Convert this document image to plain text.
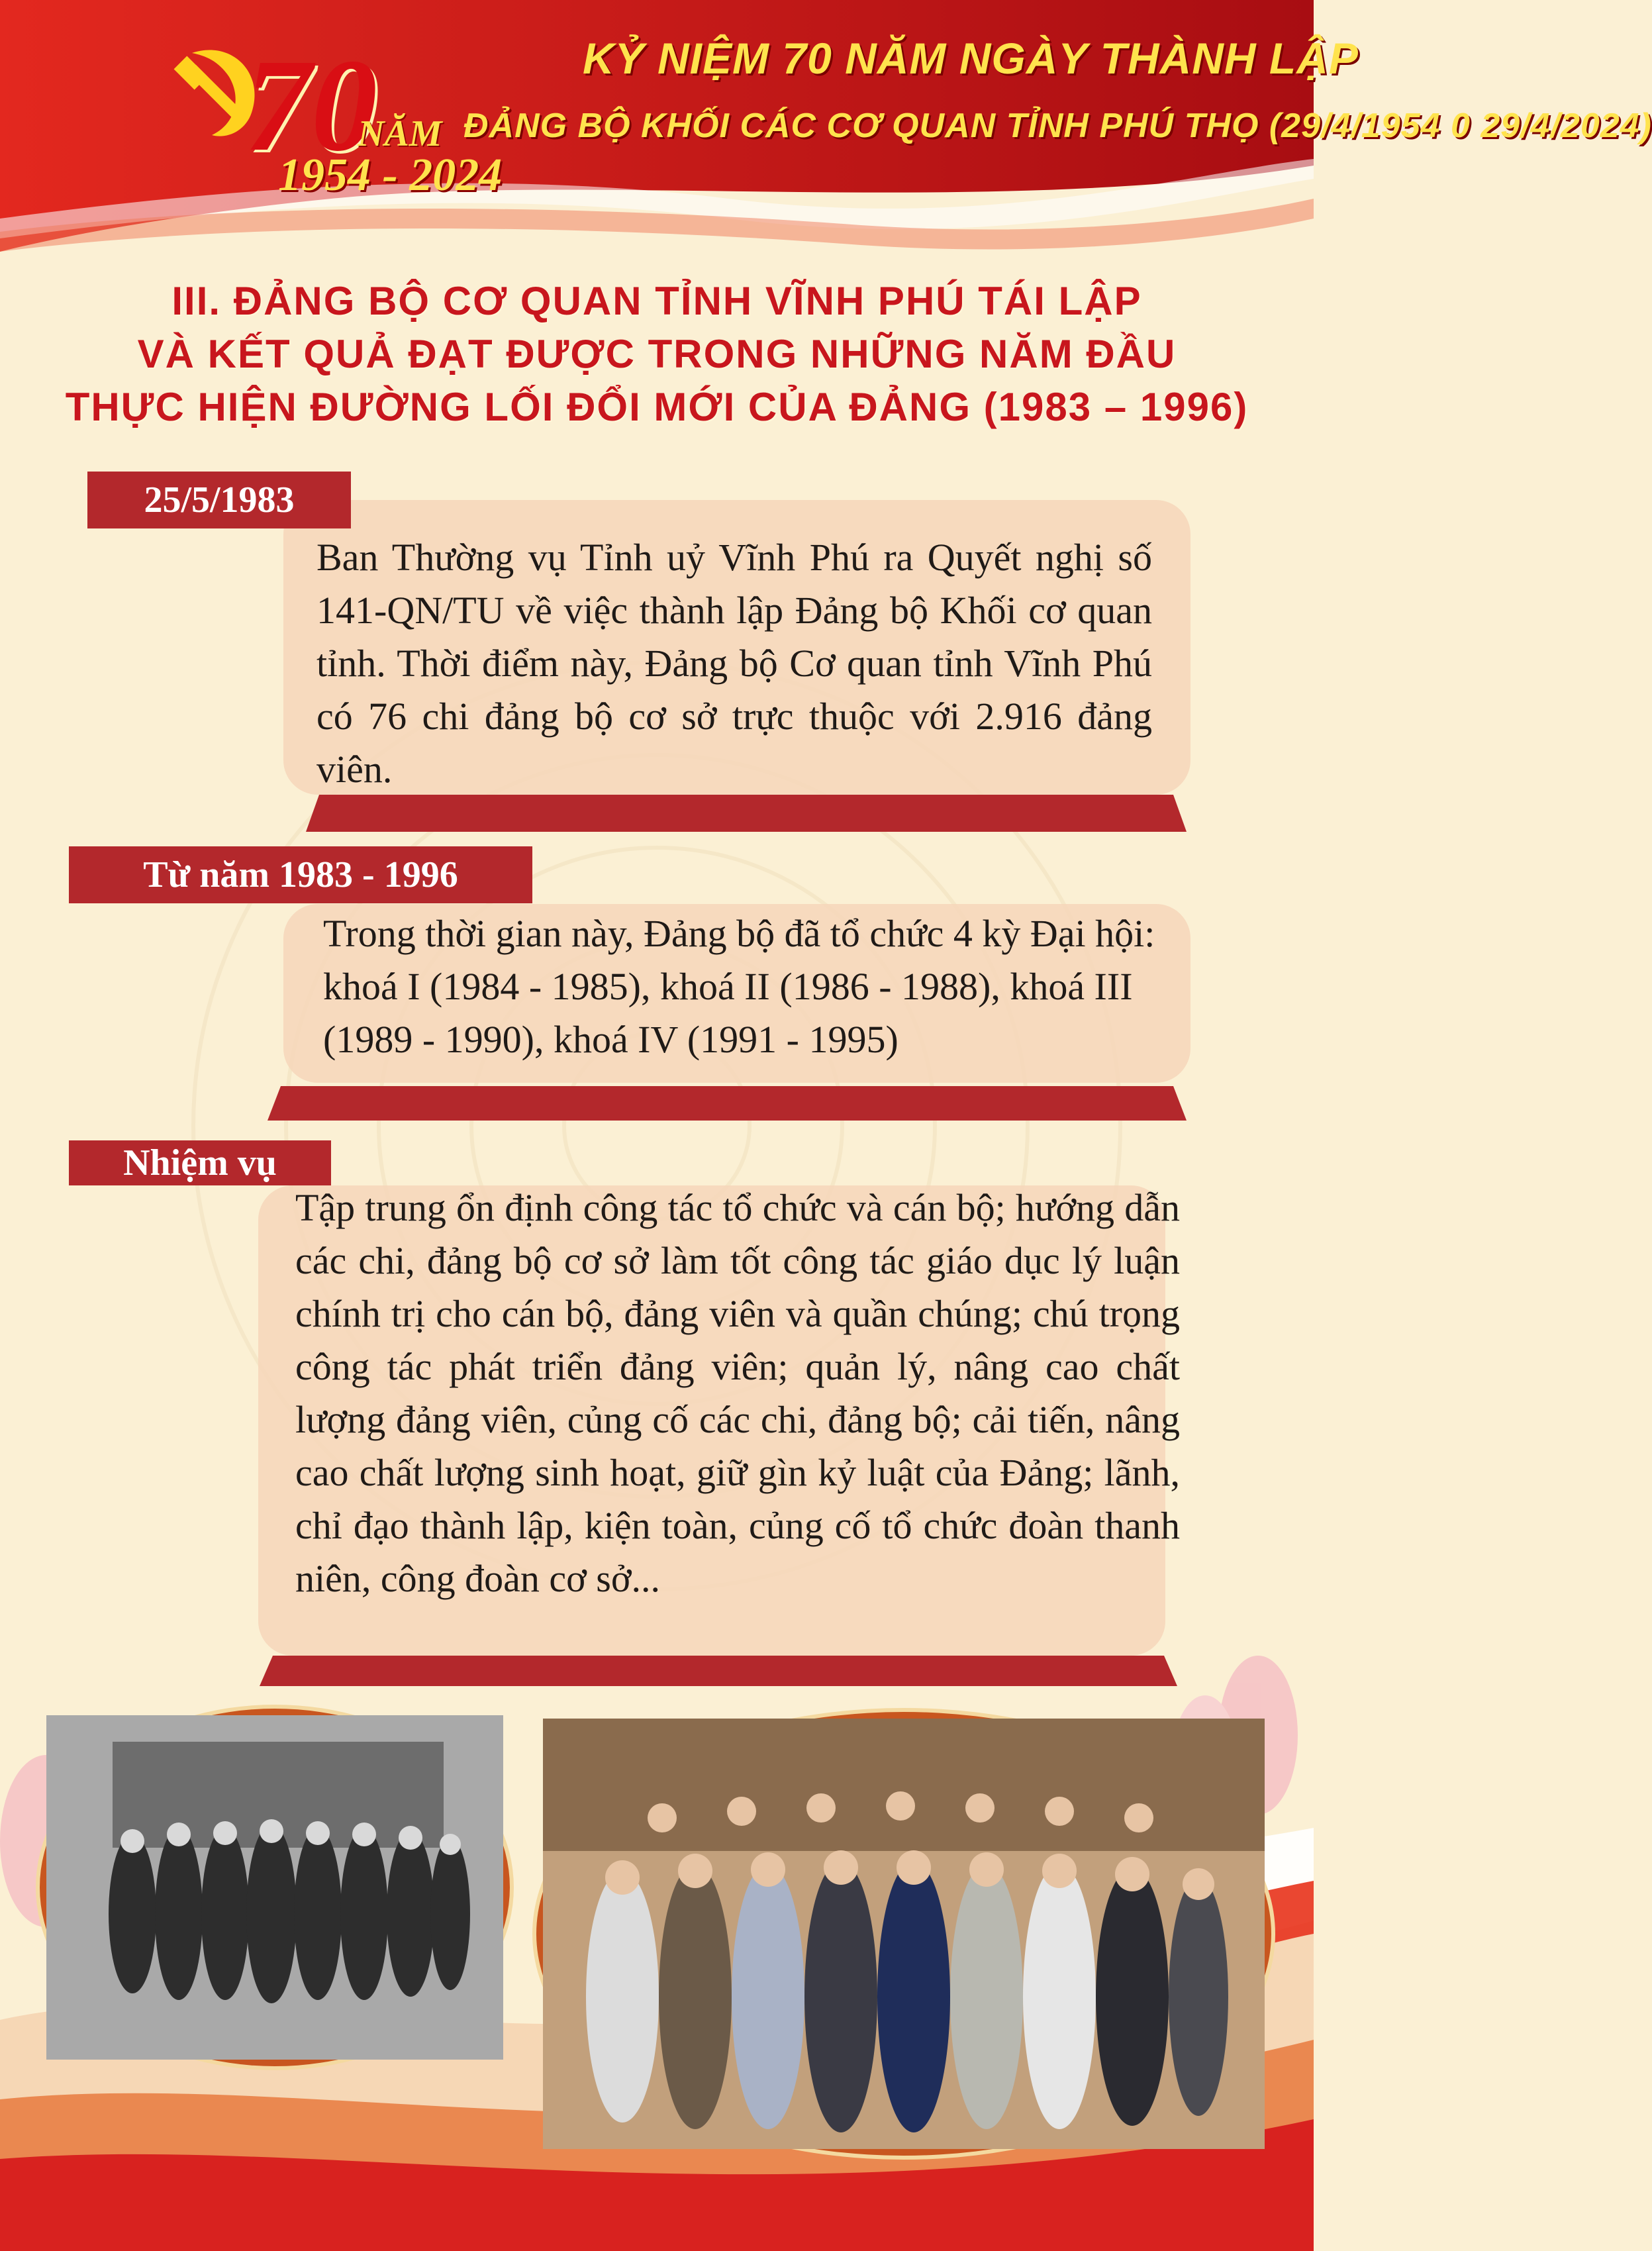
70
NĂM
1954 - 2024
KỶ NIỆM 70 NĂM NGÀY THÀNH LẬP
ĐẢNG BỘ KHỐI CÁC CƠ QUAN TỈNH PHÚ THỌ (29/4/1954 0 29/4/2024)
III. ĐẢNG BỘ CƠ QUAN TỈNH VĨNH PHÚ TÁI LẬP
VÀ KẾT QUẢ ĐẠT ĐƯỢC TRONG NHỮNG NĂM ĐẦU
THỰC HIỆN ĐƯỜNG LỐI ĐỔI MỚI CỦA ĐẢNG (1983 – 1996)
25/5/1983
Ban Thường vụ Tỉnh uỷ Vĩnh Phú ra Quyết nghị số 141-QN/TU về việc thành lập Đảng bộ Khối cơ quan tỉnh. Thời điểm này, Đảng bộ Cơ quan tỉnh Vĩnh Phú có 76 chi đảng bộ cơ sở trực thuộc với 2.916 đảng viên.
Từ năm 1983 - 1996
Trong thời gian này, Đảng bộ đã tổ chức 4 kỳ Đại hội: khoá I (1984 - 1985), khoá II (1986 - 1988), khoá III (1989 - 1990), khoá IV (1991 - 1995)
Nhiệm vụ
Tập trung ổn định công tác tổ chức và cán bộ; hướng dẫn các chi, đảng bộ cơ sở làm tốt công tác giáo dục lý luận chính trị cho cán bộ, đảng viên và quần chúng; chú trọng công tác phát triển đảng viên; quản lý, nâng cao chất lượng đảng viên, củng cố các chi, đảng bộ; cải tiến, nâng cao chất lượng sinh hoạt, giữ gìn kỷ luật của Đảng; lãnh, chỉ đạo thành lập, kiện toàn, củng cố tổ chức đoàn thanh niên, công đoàn cơ sở...
